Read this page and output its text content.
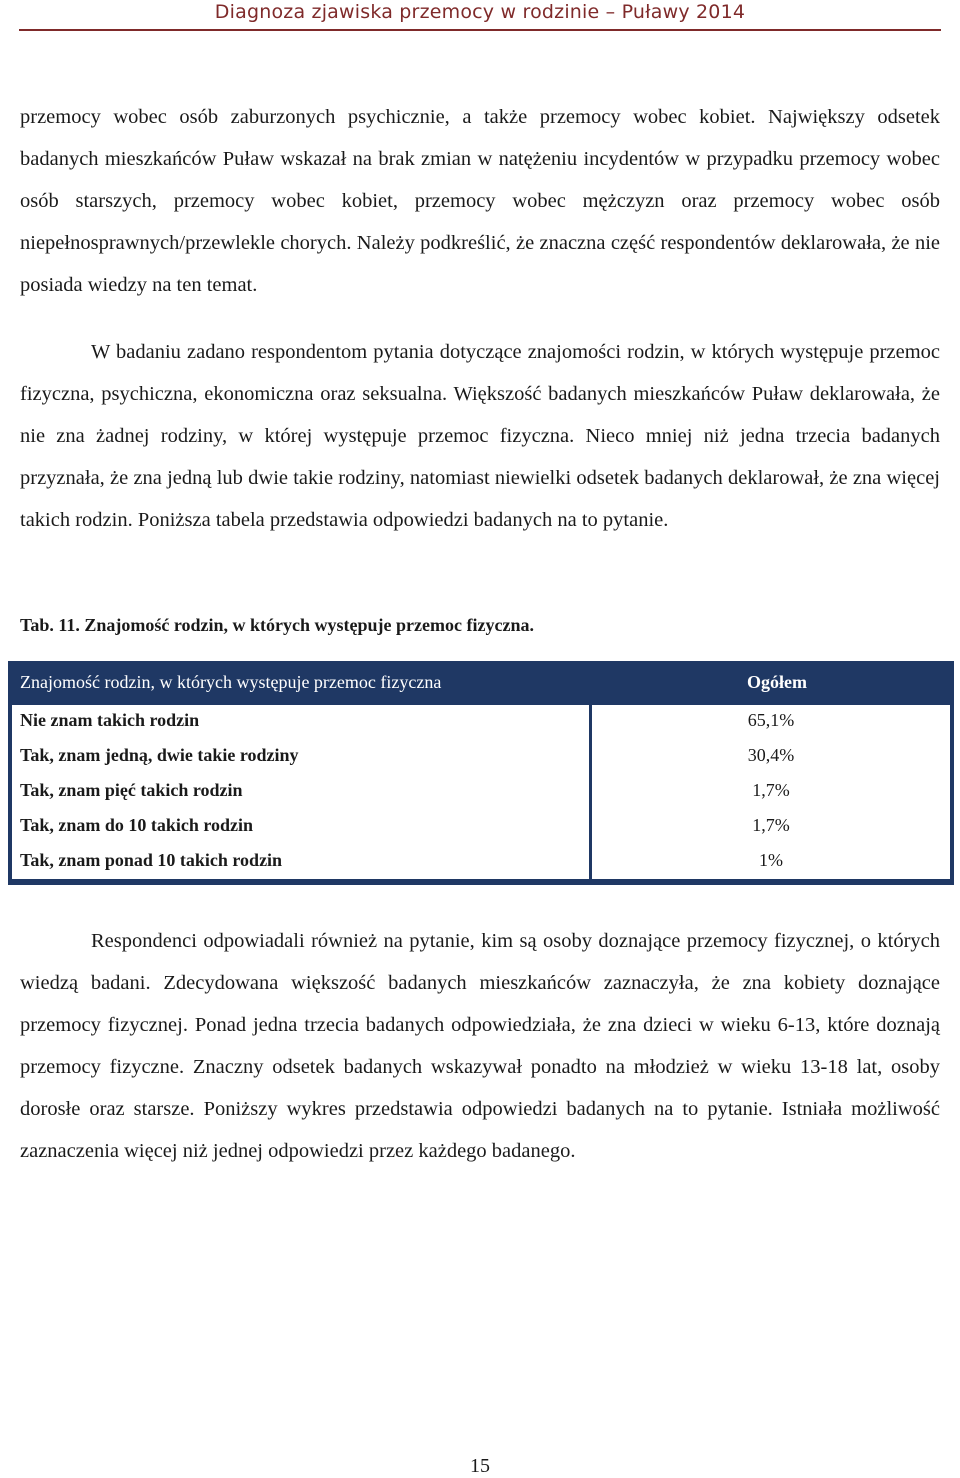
Diagnoza zjawiska przemocy w rodzinie – Puławy 2014

przemocy wobec osób zaburzonych psychicznie, a także przemocy wobec kobiet. Największy odsetek badanych mieszkańców Puław wskazał na brak zmian w natężeniu incydentów w przypadku przemocy wobec osób starszych, przemocy wobec kobiet, przemocy wobec mężczyzn oraz przemocy wobec osób niepełnosprawnych/przewlekle chorych. Należy podkreślić, że znaczna część respondentów deklarowała, że nie posiada wiedzy na ten temat.

W badaniu zadano respondentom pytania dotyczące znajomości rodzin, w których występuje przemoc fizyczna, psychiczna, ekonomiczna oraz seksualna. Większość badanych mieszkańców Puław deklarowała, że nie zna żadnej rodziny, w której występuje przemoc fizyczna. Nieco mniej niż jedna trzecia badanych przyznała, że zna jedną lub dwie takie rodziny, natomiast niewielki odsetek badanych deklarował, że zna więcej takich rodzin. Poniższa tabela przedstawia odpowiedzi badanych na to pytanie.

Tab. 11. Znajomość rodzin, w których występuje przemoc fizyczna.

Znajomość rodzin, w których występuje przemoc fizyczna	Ogółem
Nie znam takich rodzin	65,1%
Tak, znam jedną, dwie takie rodziny	30,4%
Tak, znam pięć takich rodzin	1,7%
Tak, znam do 10 takich rodzin	1,7%
Tak, znam ponad 10 takich rodzin	1%

Respondenci odpowiadali również na pytanie, kim są osoby doznające przemocy fizycznej, o których wiedzą badani. Zdecydowana większość badanych mieszkańców zaznaczyła, że zna kobiety doznające przemocy fizycznej. Ponad jedna trzecia badanych odpowiedziała, że zna dzieci w wieku 6-13, które doznają przemocy fizyczne. Znaczny odsetek badanych wskazywał ponadto na młodzież w wieku 13-18 lat, osoby dorosłe oraz starsze. Poniższy wykres przedstawia odpowiedzi badanych na to pytanie. Istniała możliwość zaznaczenia więcej niż jednej odpowiedzi przez każdego badanego.

15
